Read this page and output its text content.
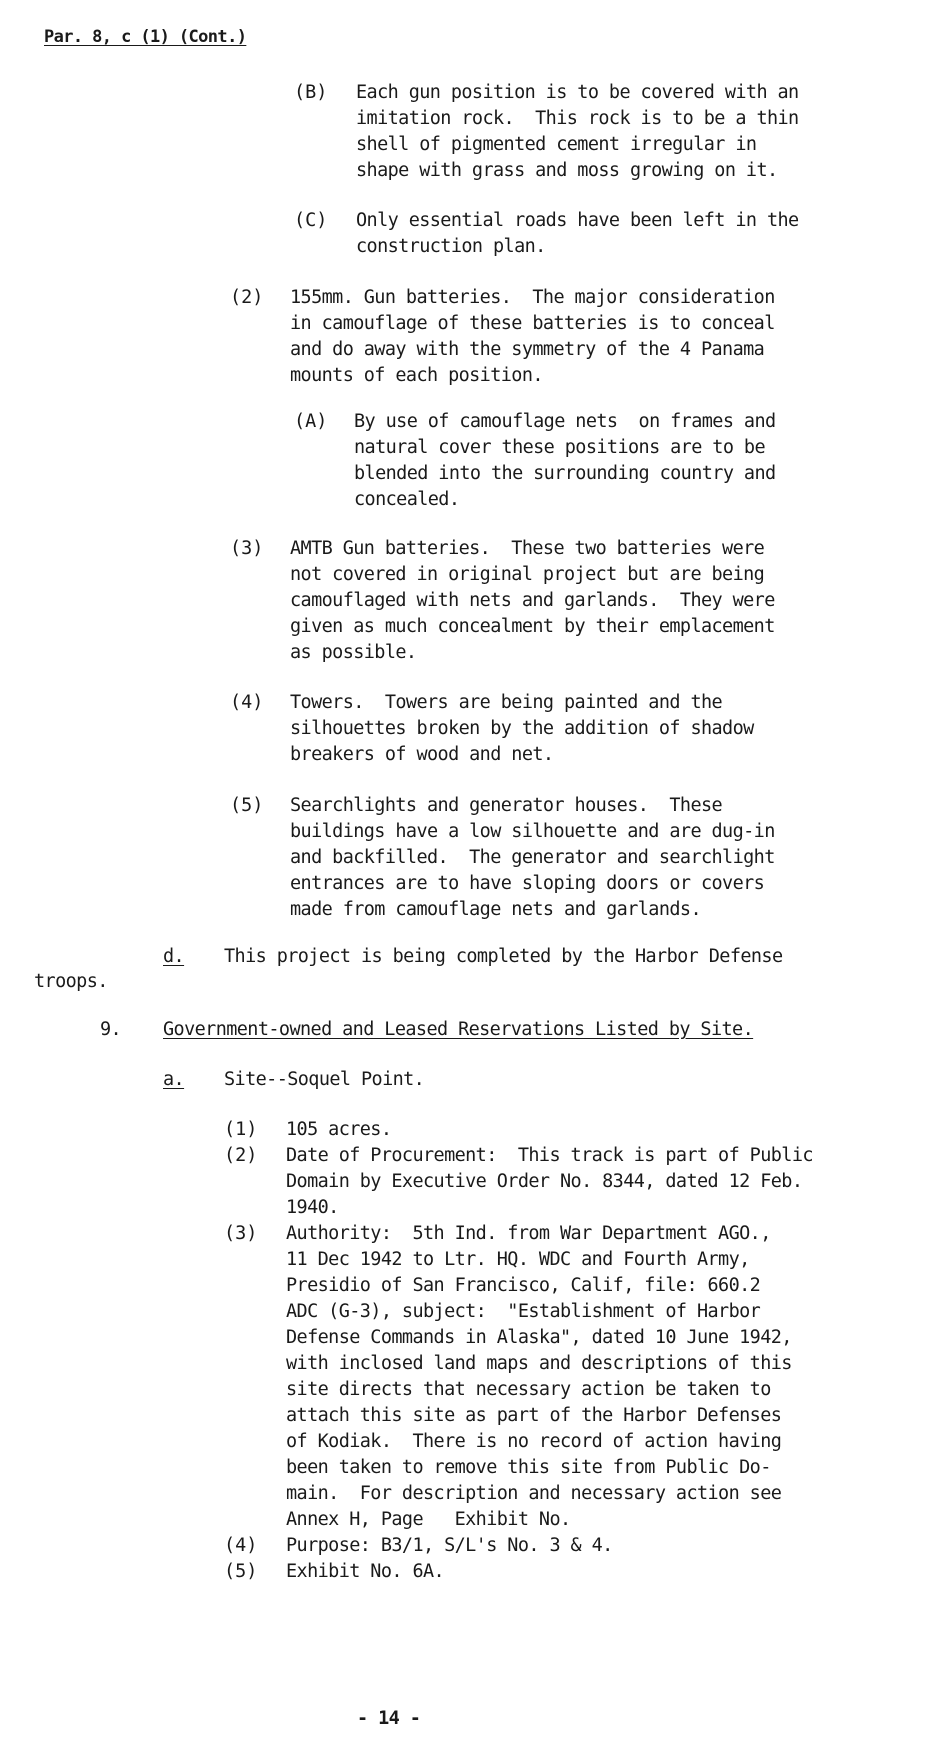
Par. 8, c (1) (Cont.)
(B)	Each gun position is to be covered with an
imitation rock.  This rock is to be a thin
shell of pigmented cement irregular in
shape with grass and moss growing on it.
(C)	Only essential roads have been left in the
construction plan.
(2)	155mm. Gun batteries.  The major consideration
in camouflage of these batteries is to conceal
and do away with the symmetry of the 4 Panama
mounts of each position.
(A)	By use of camouflage nets  on frames and
natural cover these positions are to be
blended into the surrounding country and
concealed.
(3)	AMTB Gun batteries.  These two batteries were
not covered in original project but are being
camouflaged with nets and garlands.  They were
given as much concealment by their emplacement
as possible.
(4)	Towers.  Towers are being painted and the
silhouettes broken by the addition of shadow
breakers of wood and net.
(5)	Searchlights and generator houses.  These
buildings have a low silhouette and are dug-in
and backfilled.  The generator and searchlight
entrances are to have sloping doors or covers
made from camouflage nets and garlands.
d. This project is being completed by the Harbor Defense
troops.
9. Government-owned and Leased Reservations Listed by Site.
a. Site--Soquel Point.
(1)	105 acres.
(2)	Date of Procurement:  This track is part of Public
Domain by Executive Order No. 8344, dated 12 Feb.
1940.
(3)	Authority:  5th Ind. from War Department AGO.,
11 Dec 1942 to Ltr. HQ. WDC and Fourth Army,
Presidio of San Francisco, Calif, file: 660.2
ADC (G-3), subject:  "Establishment of Harbor
Defense Commands in Alaska", dated 10 June 1942,
with inclosed land maps and descriptions of this
site directs that necessary action be taken to
attach this site as part of the Harbor Defenses
of Kodiak.  There is no record of action having
been taken to remove this site from Public Do-
main.  For description and necessary action see
Annex H, Page   Exhibit No.
(4)	Purpose: B3/1, S/L's No. 3 & 4.
(5)	Exhibit No. 6A.
- 14 -
